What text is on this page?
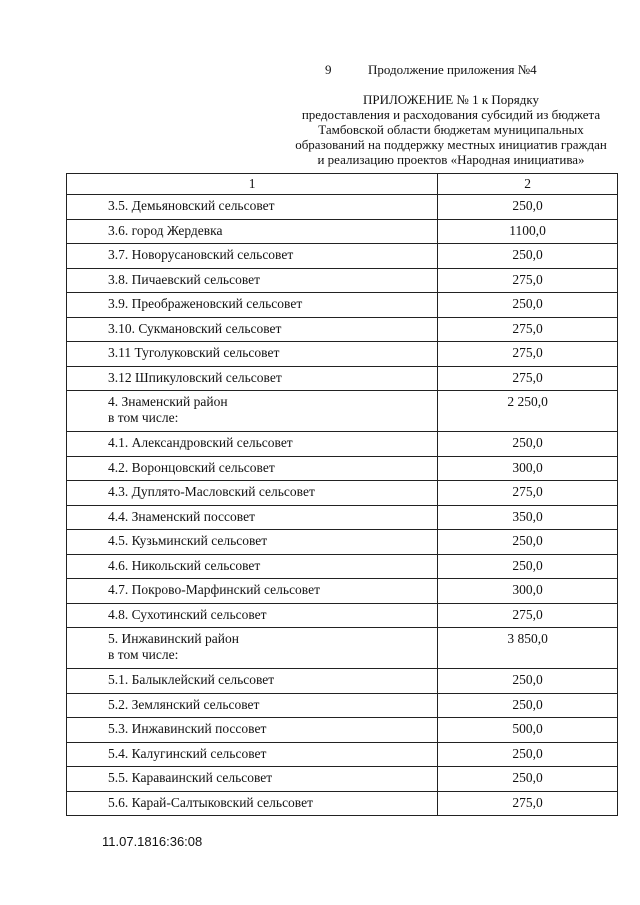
9	Продолжение приложения №4
ПРИЛОЖЕНИЕ № 1 к Порядку
предоставления и расходования субсидий из бюджета
Тамбовской области бюджетам муниципальных
образований на поддержку местных инициатив граждан
и реализацию проектов «Народная инициатива»
1	2

3.5. Демьяновский сельсовет	250,0

3.6. город Жердевка	1100,0

3.7. Новорусановский сельсовет	250,0

3.8. Пичаевский сельсовет	275,0

3.9. Преображеновский сельсовет	250,0

3.10. Сукмановский сельсовет	275,0

3.11 Туголуковский сельсовет	275,0

3.12 Шпикуловский сельсовет	275,0

4. Знаменский район
в том числе:	2 250,0

4.1. Александровский сельсовет	250,0

4.2. Воронцовский сельсовет	300,0

4.3. Дуплято-Масловский сельсовет	275,0

4.4. Знаменский поссовет	350,0

4.5. Кузьминский сельсовет	250,0

4.6. Никольский сельсовет	250,0

4.7. Покрово-Марфинский сельсовет	300,0

4.8. Сухотинский сельсовет	275,0

5. Инжавинский район
в том числе:	3 850,0

5.1. Балыклейский сельсовет	250,0

5.2. Землянский сельсовет	250,0

5.3. Инжавинский поссовет	500,0

5.4. Калугинский сельсовет	250,0

5.5. Караваинский сельсовет	250,0

5.6. Карай-Салтыковский сельсовет	275,0
11.07.1816:36:08
